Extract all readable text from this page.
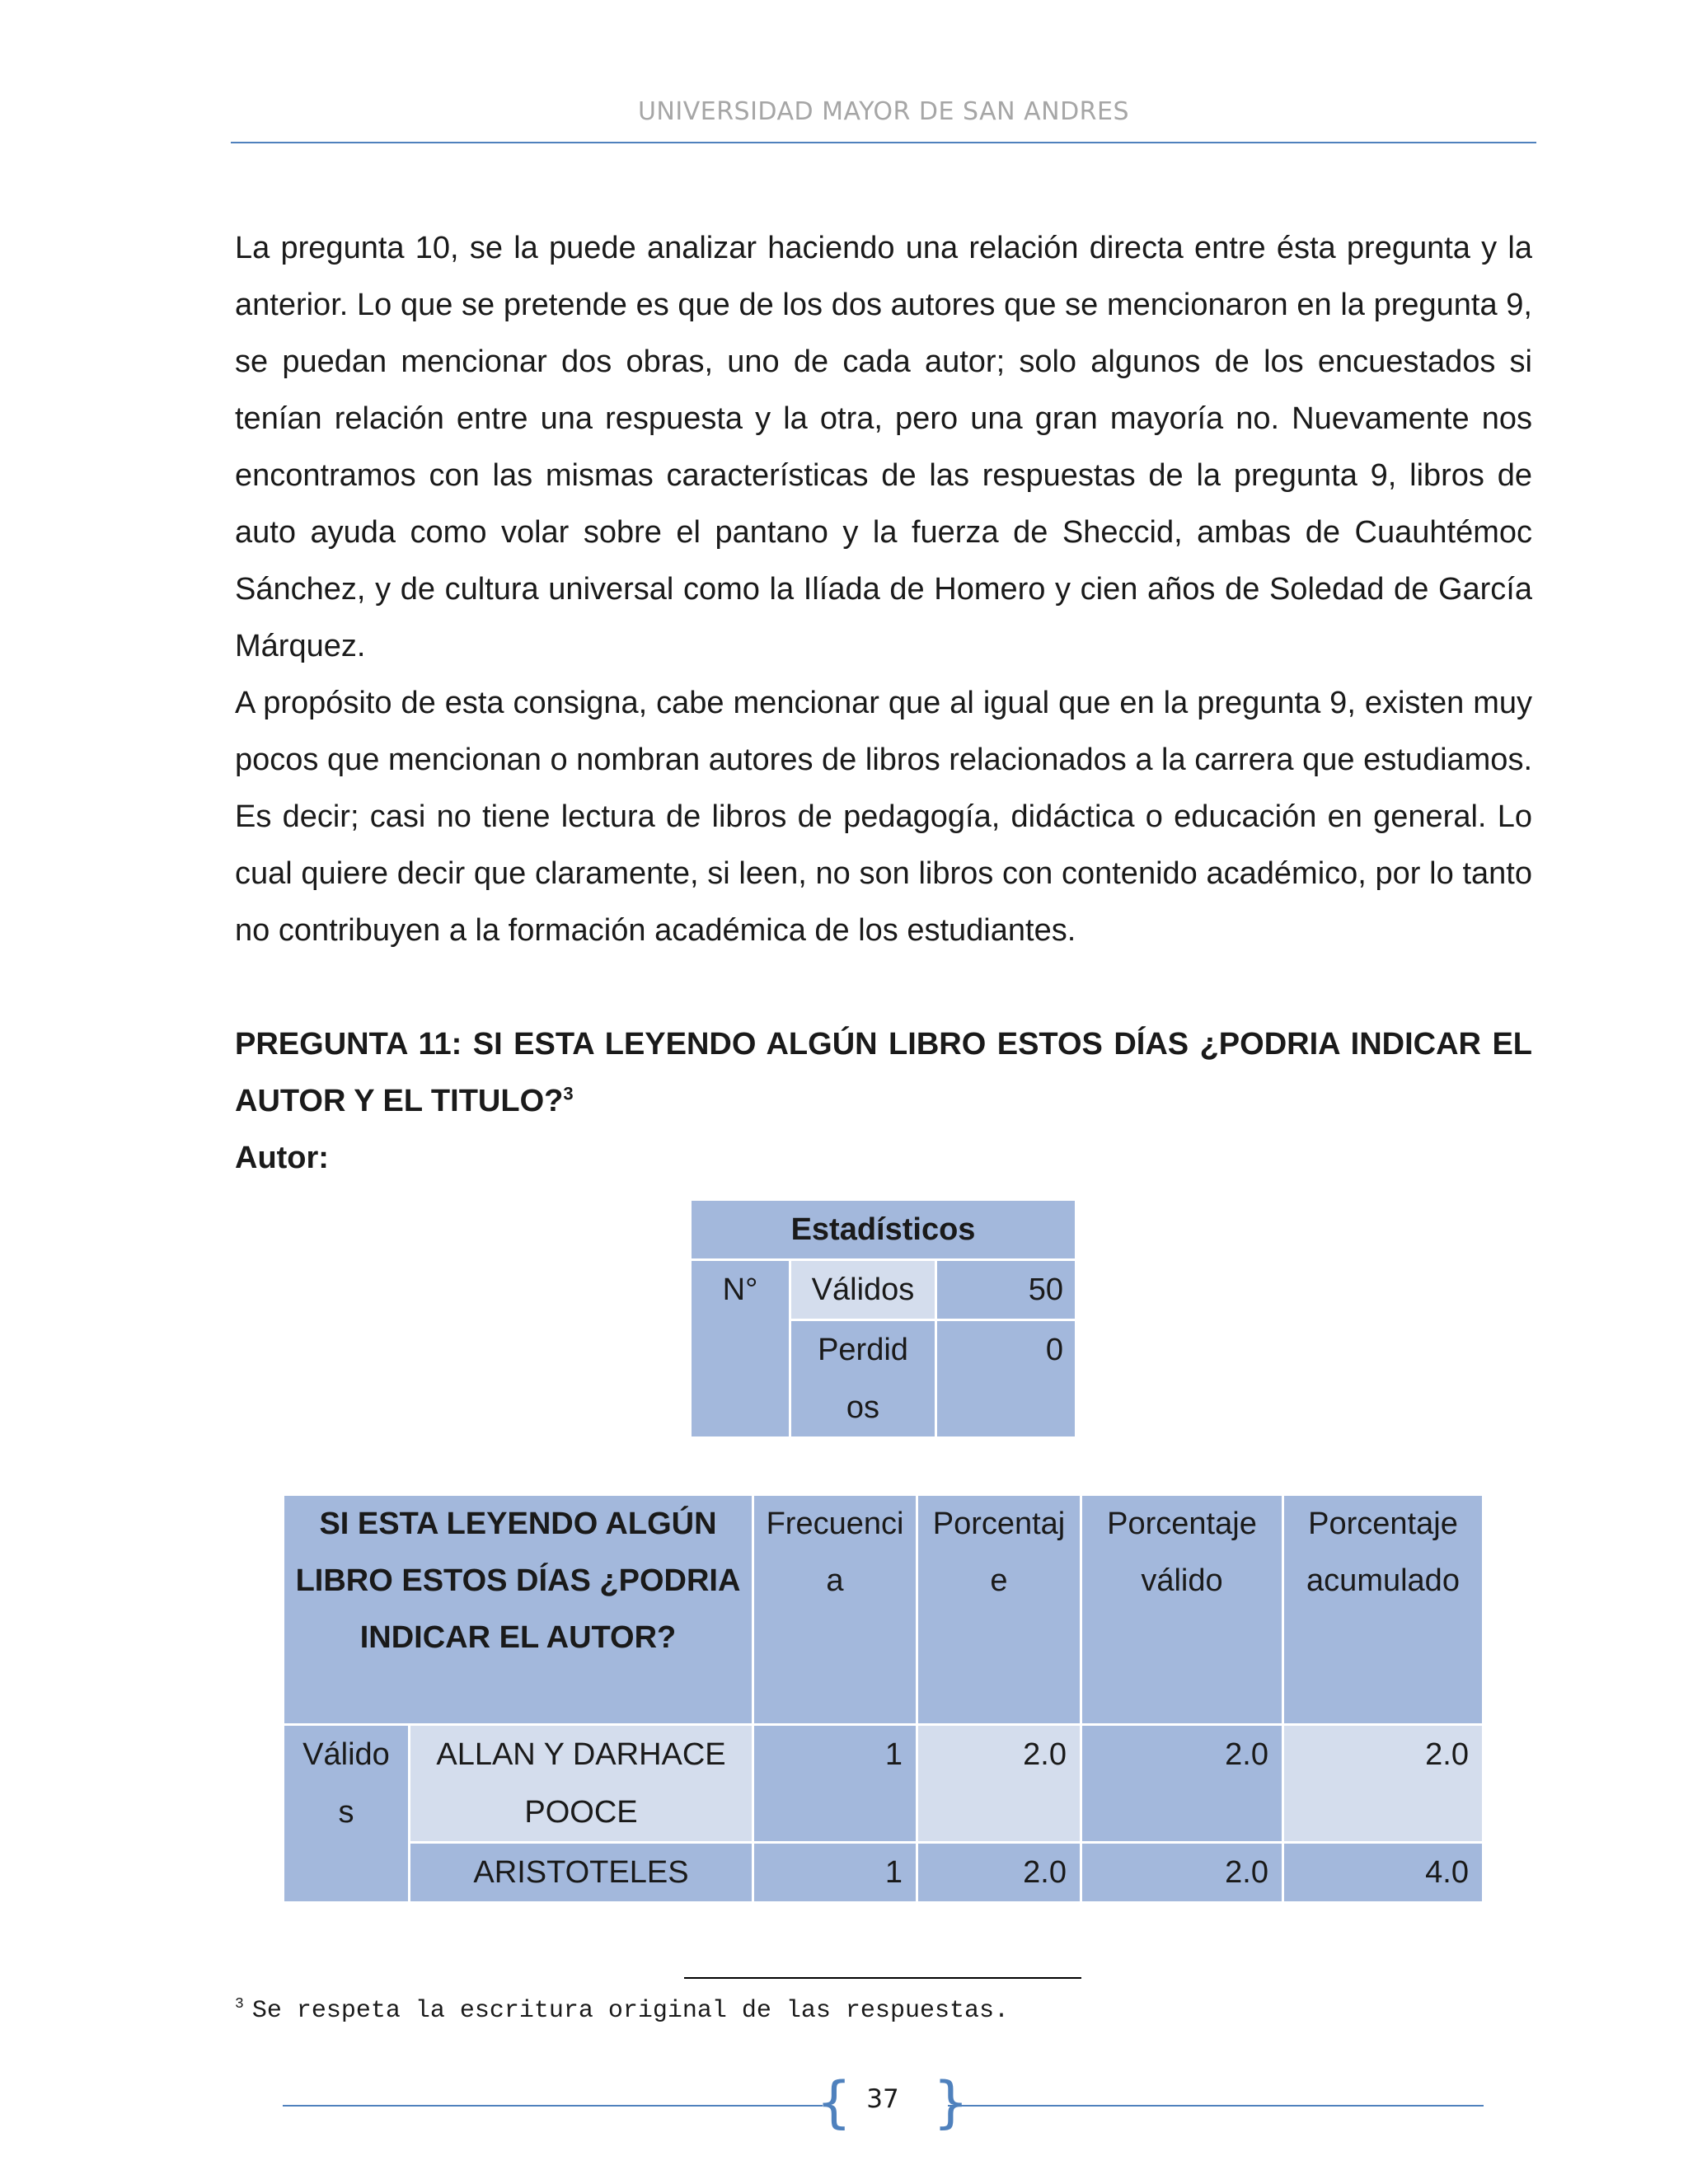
UNIVERSIDAD MAYOR DE SAN ANDRES

La pregunta 10, se la puede analizar haciendo una relación directa entre ésta pregunta y la anterior. Lo que se pretende es que de los dos autores que se mencionaron en la pregunta 9, se puedan mencionar dos obras, uno de cada autor; solo algunos de los encuestados si tenían relación entre una respuesta y la otra, pero una gran mayoría no. Nuevamente nos encontramos con las mismas características de las respuestas de la pregunta 9, libros de auto ayuda como volar sobre el pantano y la fuerza de Sheccid, ambas de Cuauhtémoc Sánchez, y de cultura universal como la Ilíada de Homero y cien años de Soledad de García Márquez.

A propósito de esta consigna, cabe mencionar que al igual que en la pregunta 9, existen muy pocos que mencionan o nombran autores de libros relacionados a la carrera que estudiamos. Es decir; casi no tiene lectura de libros de pedagogía, didáctica o educación en general. Lo cual quiere decir que claramente, si leen, no son libros con contenido académico, por lo tanto no contribuyen a la formación académica de los estudiantes.

PREGUNTA 11: SI ESTA LEYENDO ALGÚN LIBRO ESTOS DÍAS ¿PODRIA INDICAR EL AUTOR Y EL TITULO?$^3$
Autor:
Estadísticos		
N°	Válidos	50

	Perdidos	0
SI ESTA LEYENDO ALGÚN LIBRO ESTOS DÍAS ¿PODRIA INDICAR EL AUTOR?		Frecuencia	Porcentaje	Porcentaje válido	Porcentaje acumulado

Válidos	ALLAN Y DARHACE POOCE	1	2.0	2.0	2.0
	ARISTOTELES	1	2.0	2.0	4.0
$^3$ Se respeta la escritura original de las respuestas.
{ }
37
